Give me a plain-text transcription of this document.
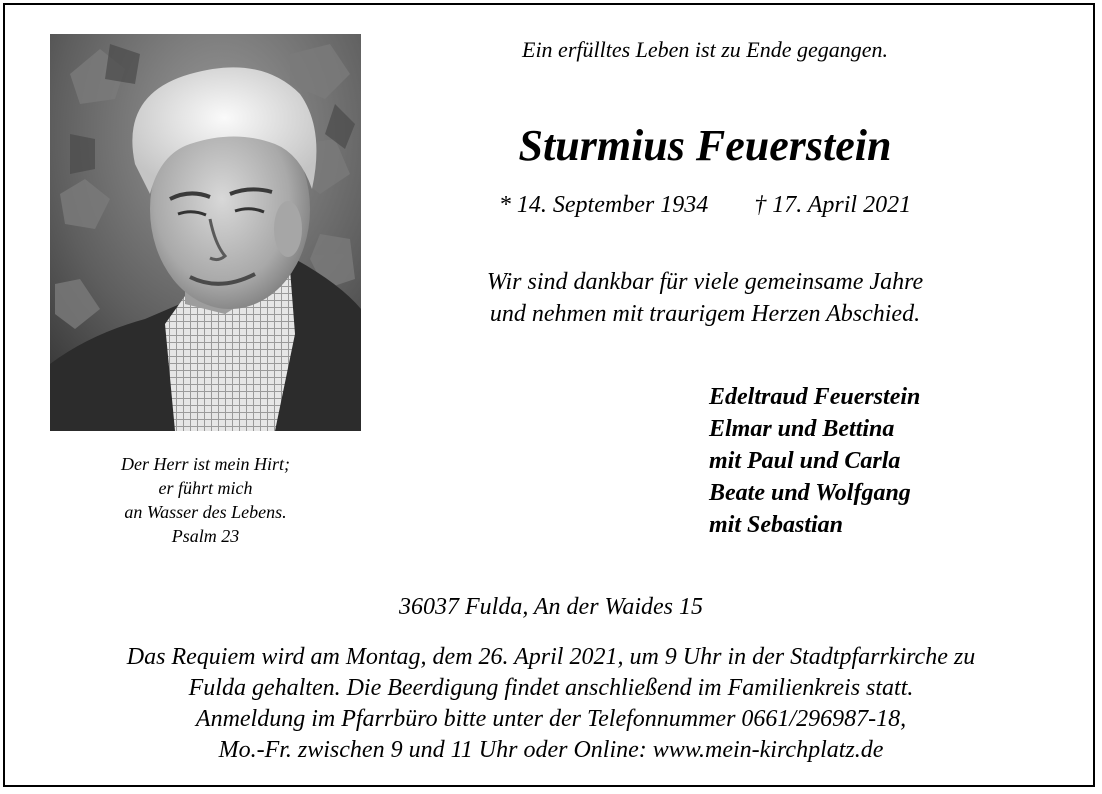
Der Herr ist mein Hirt;
er führt mich
an Wasser des Lebens.
Psalm 23
Ein erfülltes Leben ist zu Ende gegangen.
Sturmius Feuerstein
* 14. September 1934 † 17. April 2021
Wir sind dankbar für viele gemeinsame Jahre
und nehmen mit traurigem Herzen Abschied.
Edeltraud Feuerstein
Elmar und Bettina
mit Paul und Carla
Beate und Wolfgang
mit Sebastian
36037 Fulda, An der Waides 15
Das Requiem wird am Montag, dem 26. April 2021, um 9 Uhr in der Stadtpfarrkirche zu
Fulda gehalten. Die Beerdigung findet anschließend im Familienkreis statt.
Anmeldung im Pfarrbüro bitte unter der Telefonnummer 0661/296987-18,
Mo.-Fr. zwischen 9 und 11 Uhr oder Online: www.mein-kirchplatz.de
